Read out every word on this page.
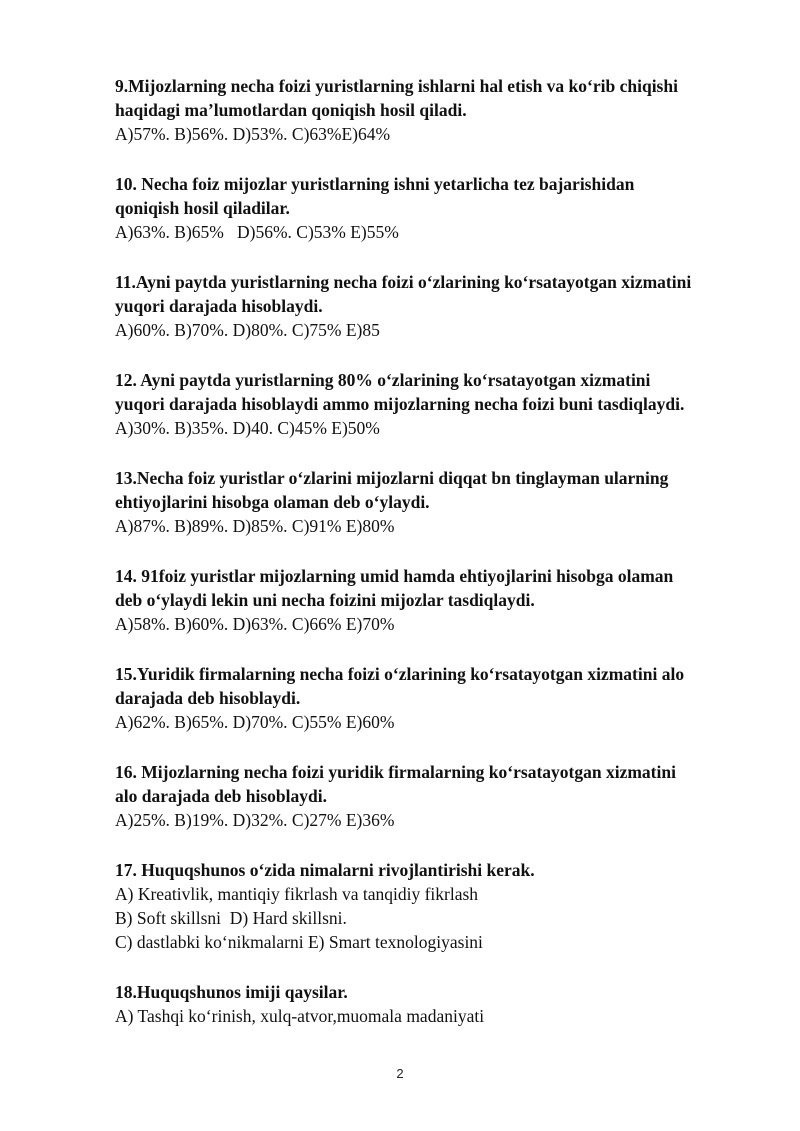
9.Mijozlarning necha foizi yuristlarning ishlarni hal etish va ko‘rib chiqishi
haqidagi ma’lumotlardan qoniqish hosil qiladi.
A)57%. B)56%. D)53%. C)63%E)64%
10. Necha foiz mijozlar yuristlarning ishni yetarlicha tez bajarishidan
qoniqish hosil qiladilar.
A)63%. B)65%   D)56%. C)53% E)55%
11.Ayni paytda yuristlarning necha foizi o‘zlarining ko‘rsatayotgan xizmatini
yuqori darajada hisoblaydi.
A)60%. B)70%. D)80%. C)75% E)85
12. Ayni paytda yuristlarning 80% o‘zlarining ko‘rsatayotgan xizmatini
yuqori darajada hisoblaydi ammo mijozlarning necha foizi buni tasdiqlaydi.
A)30%. B)35%. D)40. C)45% E)50%
13.Necha foiz yuristlar o‘zlarini mijozlarni diqqat bn tinglayman ularning
ehtiyojlarini hisobga olaman deb o‘ylaydi.
A)87%. B)89%. D)85%. C)91% E)80%
14. 91foiz yuristlar mijozlarning umid hamda ehtiyojlarini hisobga olaman
deb o‘ylaydi lekin uni necha foizini mijozlar tasdiqlaydi.
A)58%. B)60%. D)63%. C)66% E)70%
15.Yuridik firmalarning necha foizi o‘zlarining ko‘rsatayotgan xizmatini alo
darajada deb hisoblaydi.
A)62%. B)65%. D)70%. C)55% E)60%
16. Mijozlarning necha foizi yuridik firmalarning ko‘rsatayotgan xizmatini
alo darajada deb hisoblaydi.
A)25%. B)19%. D)32%. C)27% E)36%
17. Huquqshunos o‘zida nimalarni rivojlantirishi kerak.
A) Kreativlik, mantiqiy fikrlash va tanqidiy fikrlash
B) Soft skillsni  D) Hard skillsni.
C) dastlabki ko‘nikmalarni E) Smart texnologiyasini
18.Huquqshunos imiji qaysilar.
A) Tashqi ko‘rinish, xulq-atvor,muomala madaniyati
2
